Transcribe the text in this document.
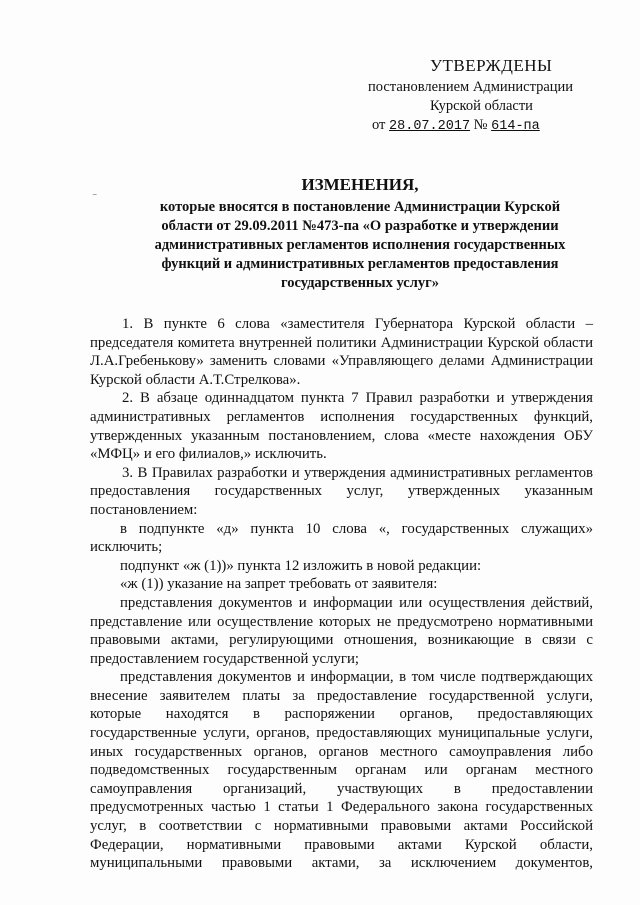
УТВЕРЖДЕНЫ
постановлением Администрации
Курской области
от 28.07.2017 № 614-па
⁻
ИЗМЕНЕНИЯ,
которые вносятся в постановление Администрации Курской области от 29.09.2011 №473-па «О разработке и утверждении административных регламентов исполнения государственных функций и административных регламентов предоставления государственных услуг»

1. В пункте 6 слова «заместителя Губернатора Курской области – председателя комитета внутренней политики Администрации Курской области Л.А.Гребенькову» заменить словами «Управляющего делами Администрации Курской области А.Т.Стрелкова».

2. В абзаце одиннадцатом пункта 7 Правил разработки и утверждения административных регламентов исполнения государственных функций, утвержденных указанным постановлением, слова «месте нахождения ОБУ «МФЦ» и его филиалов,» исключить.

3. В Правилах разработки и утверждения административных регламентов предоставления государственных услуг, утвержденных указанным постановлением:

в подпункте «д» пункта 10 слова «, государственных служащих» исключить;

подпункт «ж (1))» пункта 12 изложить в новой редакции:

«ж (1)) указание на запрет требовать от заявителя:

представления документов и информации или осуществления действий, представление или осуществление которых не предусмотрено нормативными правовыми актами, регулирующими отношения, возникающие в связи с предоставлением государственной услуги;

представления документов и информации, в том числе подтверждающих внесение заявителем платы за предоставление государственной услуги, которые находятся в распоряжении органов, предоставляющих государственные услуги, органов, предоставляющих муниципальные услуги, иных государственных органов, органов местного самоуправления либо подведомственных государственным органам или органам местного самоуправления организаций, участвующих в предоставлении предусмотренных частью 1 статьи 1 Федерального закона государственных услуг, в соответствии с нормативными правовыми актами Российской Федерации, нормативными правовыми актами Курской области, муниципальными правовыми актами, за исключением документов,
